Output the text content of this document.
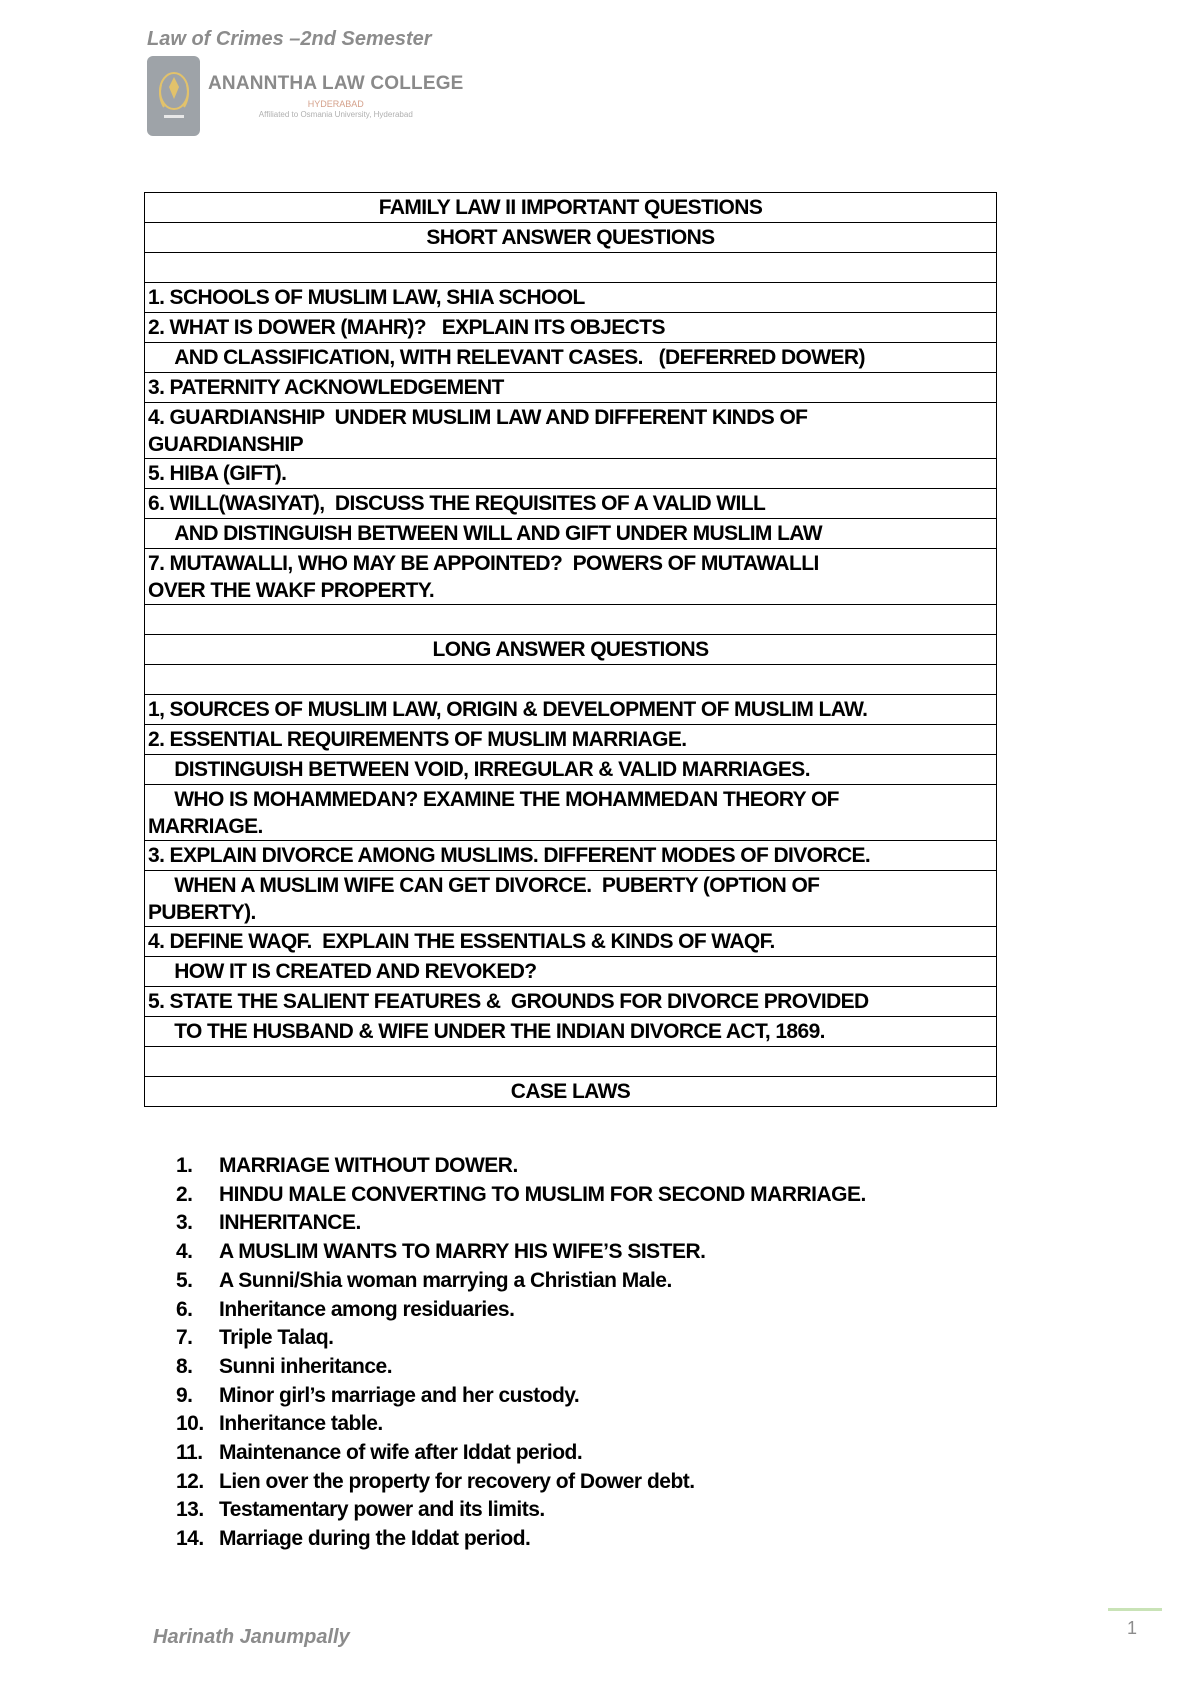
Law of Crimes –2nd Semester
ANANNTHA LAW COLLEGE
HYDERABAD
Affiliated to Osmania University, Hyderabad
FAMILY LAW II IMPORTANT QUESTIONS

SHORT ANSWER QUESTIONS

1. SCHOOLS OF MUSLIM LAW, SHIA SCHOOL

2. WHAT IS DOWER (MAHR)?   EXPLAIN ITS OBJECTS

AND CLASSIFICATION, WITH RELEVANT CASES.   (DEFERRED DOWER)

3. PATERNITY ACKNOWLEDGEMENT

4. GUARDIANSHIP  UNDER MUSLIM LAW AND DIFFERENT KINDS OF
GUARDIANSHIP

5. HIBA (GIFT).

6. WILL(WASIYAT),  DISCUSS THE REQUISITES OF A VALID WILL

AND DISTINGUISH BETWEEN WILL AND GIFT UNDER MUSLIM LAW

7. MUTAWALLI, WHO MAY BE APPOINTED?  POWERS OF MUTAWALLI
OVER THE WAKF PROPERTY.

LONG ANSWER QUESTIONS

1, SOURCES OF MUSLIM LAW, ORIGIN & DEVELOPMENT OF MUSLIM LAW.

2. ESSENTIAL REQUIREMENTS OF MUSLIM MARRIAGE.

DISTINGUISH BETWEEN VOID, IRREGULAR & VALID MARRIAGES.

WHO IS MOHAMMEDAN? EXAMINE THE MOHAMMEDAN THEORY OF
MARRIAGE.

3. EXPLAIN DIVORCE AMONG MUSLIMS. DIFFERENT MODES OF DIVORCE.

WHEN A MUSLIM WIFE CAN GET DIVORCE.  PUBERTY (OPTION OF
PUBERTY).

4. DEFINE WAQF.  EXPLAIN THE ESSENTIALS & KINDS OF WAQF.

HOW IT IS CREATED AND REVOKED?

5. STATE THE SALIENT FEATURES &  GROUNDS FOR DIVORCE PROVIDED

TO THE HUSBAND & WIFE UNDER THE INDIAN DIVORCE ACT, 1869.

CASE LAWS
1.	MARRIAGE WITHOUT DOWER.
2.	HINDU MALE CONVERTING TO MUSLIM FOR SECOND MARRIAGE.
3.	INHERITANCE.
4.	A MUSLIM WANTS TO MARRY HIS WIFE’S SISTER.
5.	A Sunni/Shia woman marrying a Christian Male.
6.	Inheritance among residuaries.
7.	Triple Talaq.
8.	Sunni inheritance.
9.	Minor girl’s marriage and her custody.
10. Inheritance table.
11. Maintenance of wife after Iddat period.
12. Lien over the property for recovery of Dower debt.
13. Testamentary power and its limits.
14. Marriage during the Iddat period.
1
Harinath Janumpally
